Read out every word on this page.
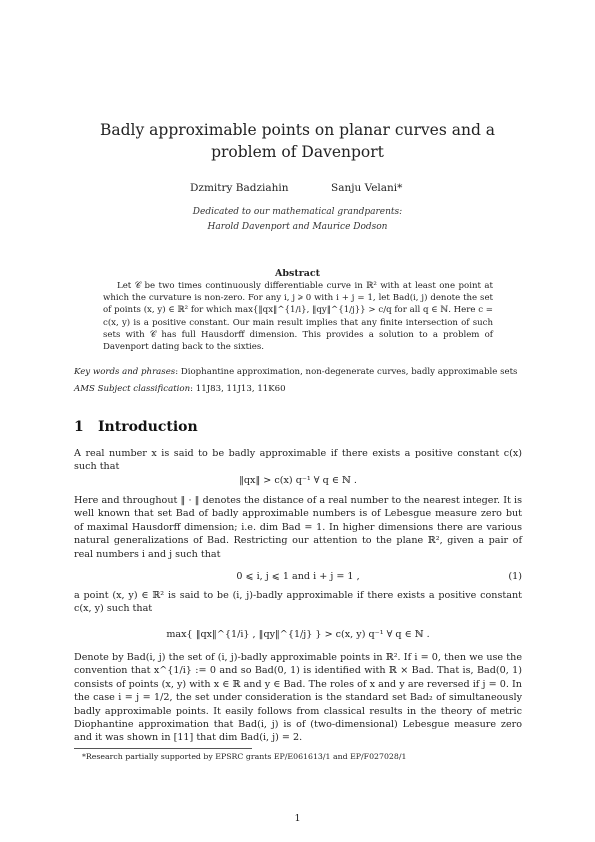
Badly approximable points on planar curves and a
problem of Davenport
Dzmitry Badziahin	Sanju Velani*
Dedicated to our mathematical grandparents:
Harold Davenport and Maurice Dodson
Abstract
Let 𝒞 be two times continuously differentiable curve in ℝ² with at least one point at which the curvature is non-zero. For any i, j ⩾ 0 with i + j = 1, let Bad(i, j) denote the set of points (x, y) ∈ ℝ² for which max{‖qx‖^{1/i}, ‖qy‖^{1/j}} > c/q for all q ∈ ℕ. Here c = c(x, y) is a positive constant. Our main result implies that any finite intersection of such sets with 𝒞 has full Hausdorff dimension. This provides a solution to a problem of Davenport dating back to the sixties.
Key words and phrases: Diophantine approximation, non-degenerate curves, badly approximable sets
AMS Subject classification: 11J83, 11J13, 11K60
1 Introduction
A real number x is said to be badly approximable if there exists a positive constant c(x) such that
‖qx‖ > c(x) q⁻¹ ∀ q ∈ ℕ .
Here and throughout ‖ · ‖ denotes the distance of a real number to the nearest integer. It is well known that set Bad of badly approximable numbers is of Lebesgue measure zero but of maximal Hausdorff dimension; i.e. dim Bad = 1. In higher dimensions there are various natural generalizations of Bad. Restricting our attention to the plane ℝ², given a pair of real numbers i and j such that
0 ⩽ i, j ⩽ 1 and i + j = 1 ,	(1)
a point (x, y) ∈ ℝ² is said to be (i, j)-badly approximable if there exists a positive constant c(x, y) such that
max{ ‖qx‖^{1/i} , ‖qy‖^{1/j} } > c(x, y) q⁻¹ ∀ q ∈ ℕ .
Denote by Bad(i, j) the set of (i, j)-badly approximable points in ℝ². If i = 0, then we use the convention that x^{1/i} := 0 and so Bad(0, 1) is identified with ℝ × Bad. That is, Bad(0, 1) consists of points (x, y) with x ∈ ℝ and y ∈ Bad. The roles of x and y are reversed if j = 0. In the case i = j = 1/2, the set under consideration is the standard set Bad₂ of simultaneously badly approximable points. It easily follows from classical results in the theory of metric Diophantine approximation that Bad(i, j) is of (two-dimensional) Lebesgue measure zero and it was shown in [11] that dim Bad(i, j) = 2.
*Research partially supported by EPSRC grants EP/E061613/1 and EP/F027028/1
1
